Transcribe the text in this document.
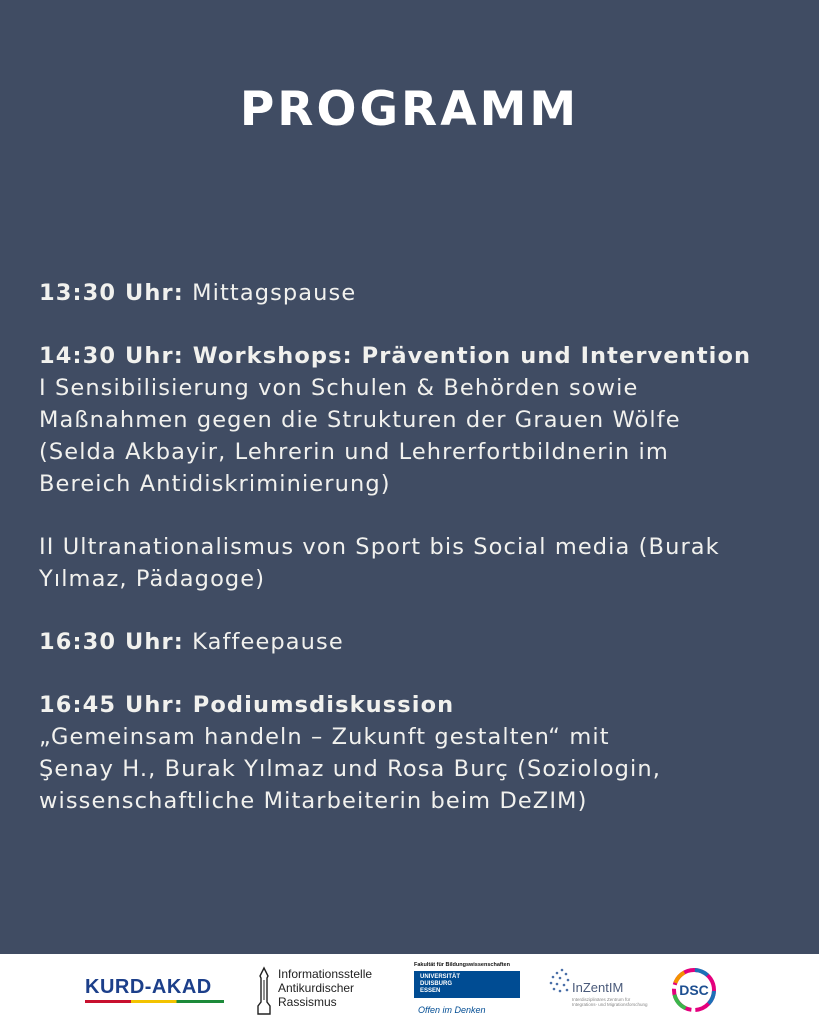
PROGRAMM
13:30 Uhr: Mittagspause
14:30 Uhr: Workshops: Prävention und Intervention
I Sensibilisierung von Schulen & Behörden sowie
Maßnahmen gegen die Strukturen der Grauen Wölfe
(Selda Akbayir, Lehrerin und Lehrerfortbildnerin im
Bereich Antidiskriminierung)
II Ultranationalismus von Sport bis Social media (Burak
Yılmaz, Pädagoge)
16:30 Uhr: Kaffeepause
16:45 Uhr: Podiumsdiskussion
„Gemeinsam handeln – Zukunft gestalten“ mit
Şenay H., Burak Yılmaz und Rosa Burç (Soziologin,
wissenschaftliche Mitarbeiterin beim DeZIM)
KURD-AKAD
Informationsstelle
Antikurdischer
Rassismus
Fakultät für Bildungswissenschaften
UNIVERSITÄT
DUISBURG
ESSEN
Offen im Denken
InZentIM
Interdisziplinäres Zentrum für
Integrations- und Migrationsforschung
DSC
